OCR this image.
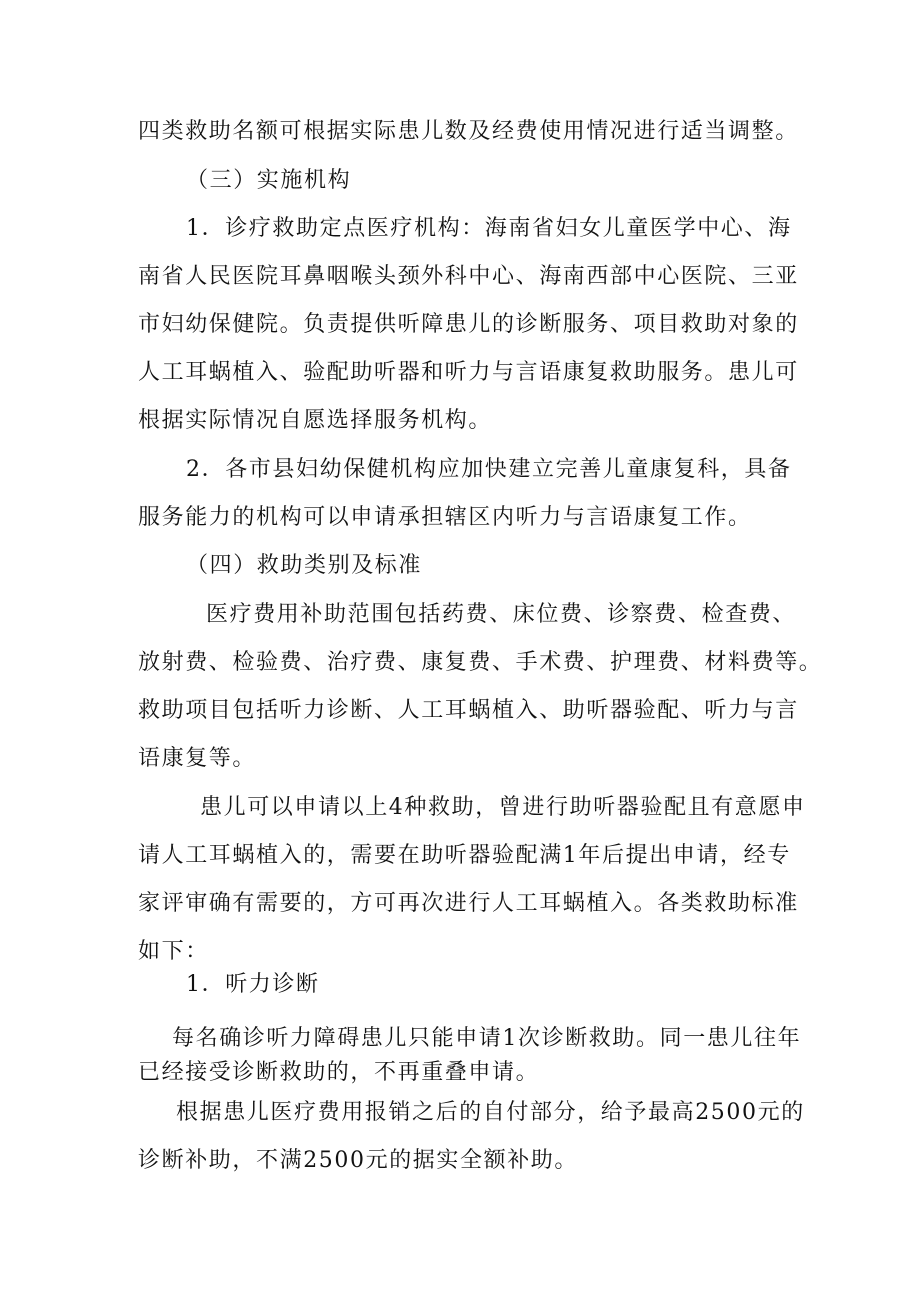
四类救助名额可根据实际患儿数及经费使用情况进行适当调整。
（三）实施机构
1．诊疗救助定点医疗机构：海南省妇女儿童医学中心、海
南省人民医院耳鼻咽喉头颈外科中心、海南西部中心医院、三亚
市妇幼保健院。负责提供听障患儿的诊断服务、项目救助对象的
人工耳蜗植入、验配助听器和听力与言语康复救助服务。患儿可
根据实际情况自愿选择服务机构。
2．各市县妇幼保健机构应加快建立完善儿童康复科，具备
服务能力的机构可以申请承担辖区内听力与言语康复工作。
（四）救助类别及标准
医疗费用补助范围包括药费、床位费、诊察费、检查费、
放射费、检验费、治疗费、康复费、手术费、护理费、材料费等。
救助项目包括听力诊断、人工耳蜗植入、助听器验配、听力与言
语康复等。
患儿可以申请以上4种救助，曾进行助听器验配且有意愿申
请人工耳蜗植入的，需要在助听器验配满1年后提出申请，经专
家评审确有需要的，方可再次进行人工耳蜗植入。各类救助标准
如下：
1．听力诊断
每名确诊听力障碍患儿只能申请1次诊断救助。同一患儿往年
已经接受诊断救助的，不再重叠申请。
根据患儿医疗费用报销之后的自付部分，给予最高2500元的
诊断补助，不满2500元的据实全额补助。
